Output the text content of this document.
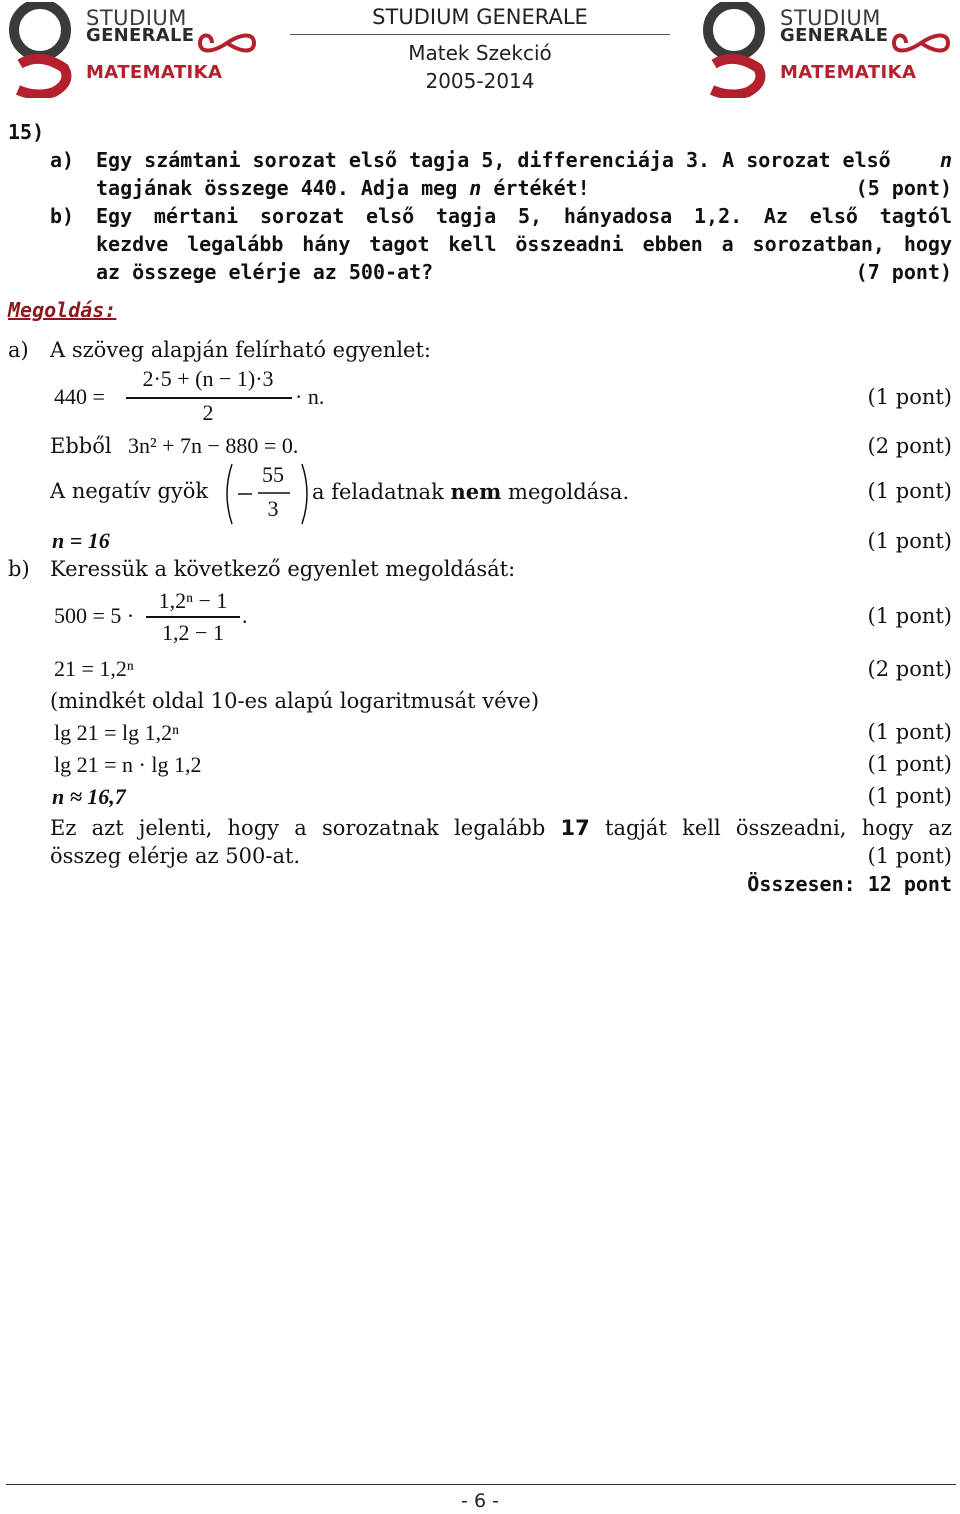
STUDIUM
GENERALE
MATEMATIKA
STUDIUM GENERALE
Matek Szekció
2005-2014
STUDIUM
GENERALE
MATEMATIKA
15)
a) Egy számtani sorozat első tagja 5, differenciája 3. A sorozat első n
tagjának összege 440. Adja meg n értékét!	(5 pont)
b) Egy mértani sorozat első tagja 5, hányadosa 1,2. Az első tagtól
kezdve legalább hány tagot kell összeadni ebben a sorozatban, hogy
az összege elérje az 500-at?	(7 pont)
Megoldás:
a) A szöveg alapján felírható egyenlet:
440 =
2·5 + (n − 1)·3
2
· n.	(1 pont)
Ebből 3n² + 7n − 880 = 0.	(2 pont)
A negatív gyök
55
3
a feladatnak nem megoldása.	(1 pont)
n = 16	(1 pont)
b) Keressük a következő egyenlet megoldását:
500 = 5 ·
1,2ⁿ − 1
1,2 − 1
.	(1 pont)
21 = 1,2ⁿ	(2 pont)
(mindkét oldal 10-es alapú logaritmusát véve)
lg 21 = lg 1,2ⁿ	(1 pont)
lg 21 = n · lg 1,2	(1 pont)
n ≈ 16,7	(1 pont)
Ez azt jelenti, hogy a sorozatnak legalább 17 tagját kell összeadni, hogy az
összeg elérje az 500-at.	(1 pont)
Összesen: 12 pont
- 6 -
